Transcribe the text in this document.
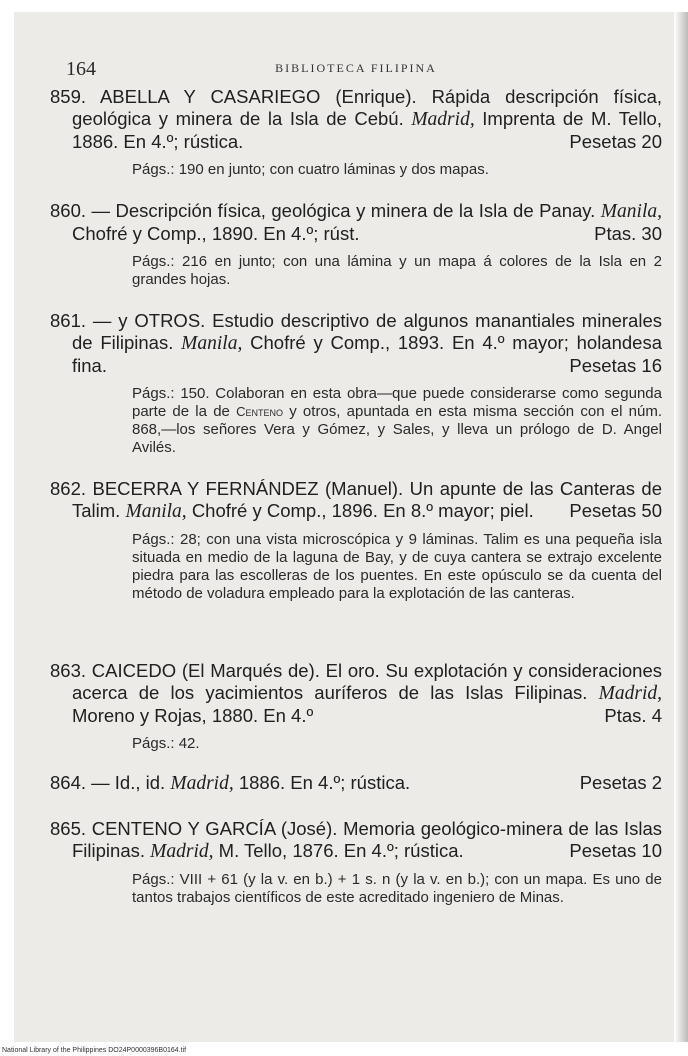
164	BIBLIOTECA FILIPINA
859. ABELLA Y CASARIEGO (Enrique). Rápida descripción física, geológica y minera de la Isla de Cebú. Madrid, Imprenta de M. Tello, 1886. En 4.º; rústica.	Pesetas 20
Págs.: 190 en junto; con cuatro láminas y dos mapas.
860. — Descripción física, geológica y minera de la Isla de Panay. Manila, Chofré y Comp., 1890. En 4.º; rúst.	Ptas. 30
Págs.: 216 en junto; con una lámina y un mapa á colores de la Isla en 2 grandes hojas.
861. — y OTROS. Estudio descriptivo de algunos manantiales minerales de Filipinas. Manila, Chofré y Comp., 1893. En 4.º mayor; holandesa fina.	Pesetas 16
Págs.: 150. Colaboran en esta obra—que puede considerarse como segunda parte de la de Centeno y otros, apuntada en esta misma sección con el núm. 868,—los señores Vera y Gómez, y Sales, y lleva un prólogo de D. Angel Avilés.
862. BECERRA Y FERNÁNDEZ (Manuel). Un apunte de las Canteras de Talim. Manila, Chofré y Comp., 1896. En 8.º mayor; piel. Pesetas 50
Págs.: 28; con una vista microscópica y 9 láminas. Talim es una pequeña isla situada en medio de la laguna de Bay, y de cuya cantera se extrajo excelente piedra para las escolleras de los puentes. En este opúsculo se da cuenta del método de voladura empleado para la explotación de las canteras.
863. CAICEDO (El Marqués de). El oro. Su explotación y consideraciones acerca de los yacimientos auríferos de las Islas Filipinas. Madrid, Moreno y Rojas, 1880. En 4.º	Ptas. 4
Págs.: 42.
864. — Id., id. Madrid, 1886. En 4.º; rústica.	Pesetas 2
865. CENTENO Y GARCÍA (José). Memoria geológico-minera de las Islas Filipinas. Madrid, M. Tello, 1876. En 4.º; rústica.	Pesetas 10
Págs.: VIII + 61 (y la v. en b.) + 1 s. n (y la v. en b.); con un mapa. Es uno de tantos trabajos científicos de este acreditado ingeniero de Minas.
National Library of the Philippines DO24P0000396B0164.tif
